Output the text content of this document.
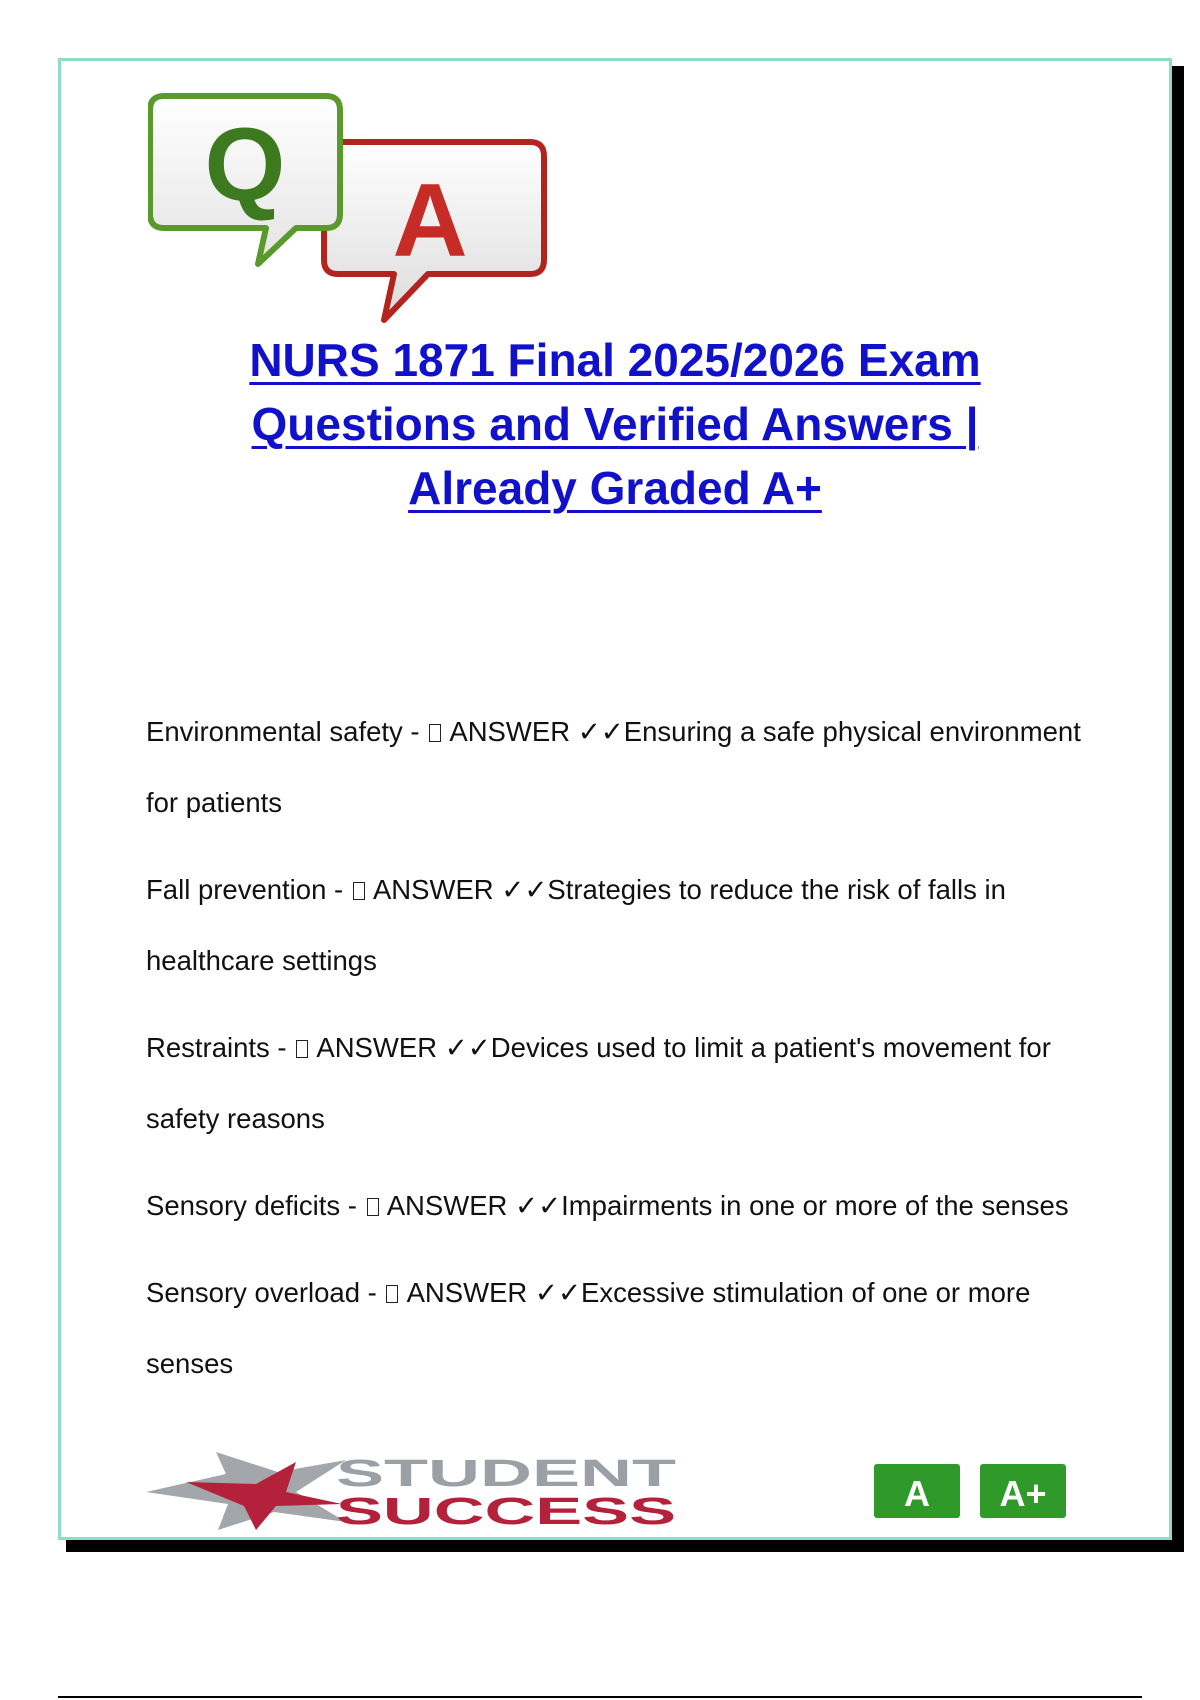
A
Q
NURS 1871 Final 2025/2026 Exam
Questions and Verified Answers |
Already Graded A+
Environmental safety -  ANSWER ✓✓Ensuring a safe physical environment for patients
Fall prevention -  ANSWER ✓✓Strategies to reduce the risk of falls in healthcare settings
Restraints -  ANSWER ✓✓Devices used to limit a patient's movement for safety reasons
Sensory deficits -  ANSWER ✓✓Impairments in one or more of the senses
Sensory overload -  ANSWER ✓✓Excessive stimulation of one or more senses
STUDENT
SUCCESS	A A+
